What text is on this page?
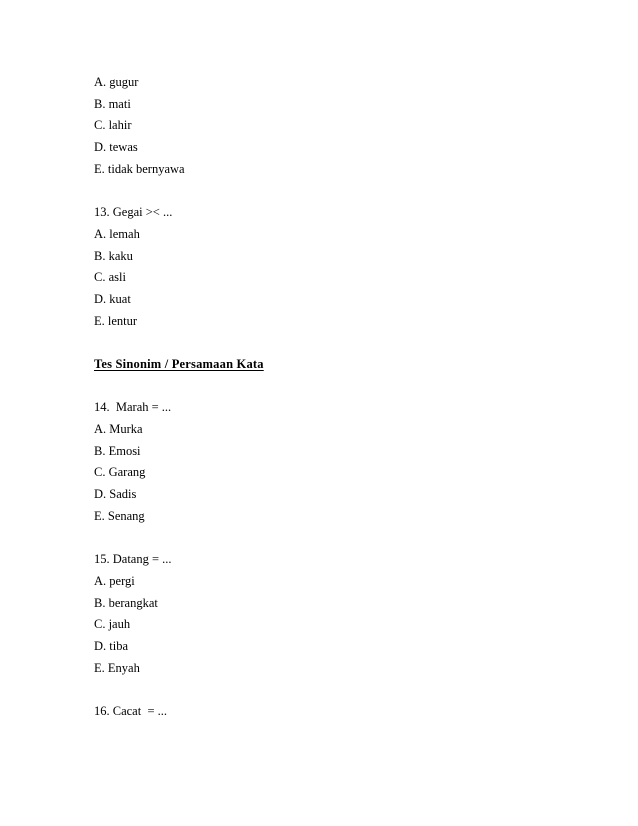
A. gugur
B. mati
C. lahir
D. tewas
E. tidak bernyawa
13. Gegai >< ...
A. lemah
B. kaku
C. asli
D. kuat
E. lentur
Tes Sinonim / Persamaan Kata
14.  Marah = ...
A. Murka
B. Emosi
C. Garang
D. Sadis
E. Senang
15. Datang = ...
A. pergi
B. berangkat
C. jauh
D. tiba
E. Enyah
16. Cacat  = ...
